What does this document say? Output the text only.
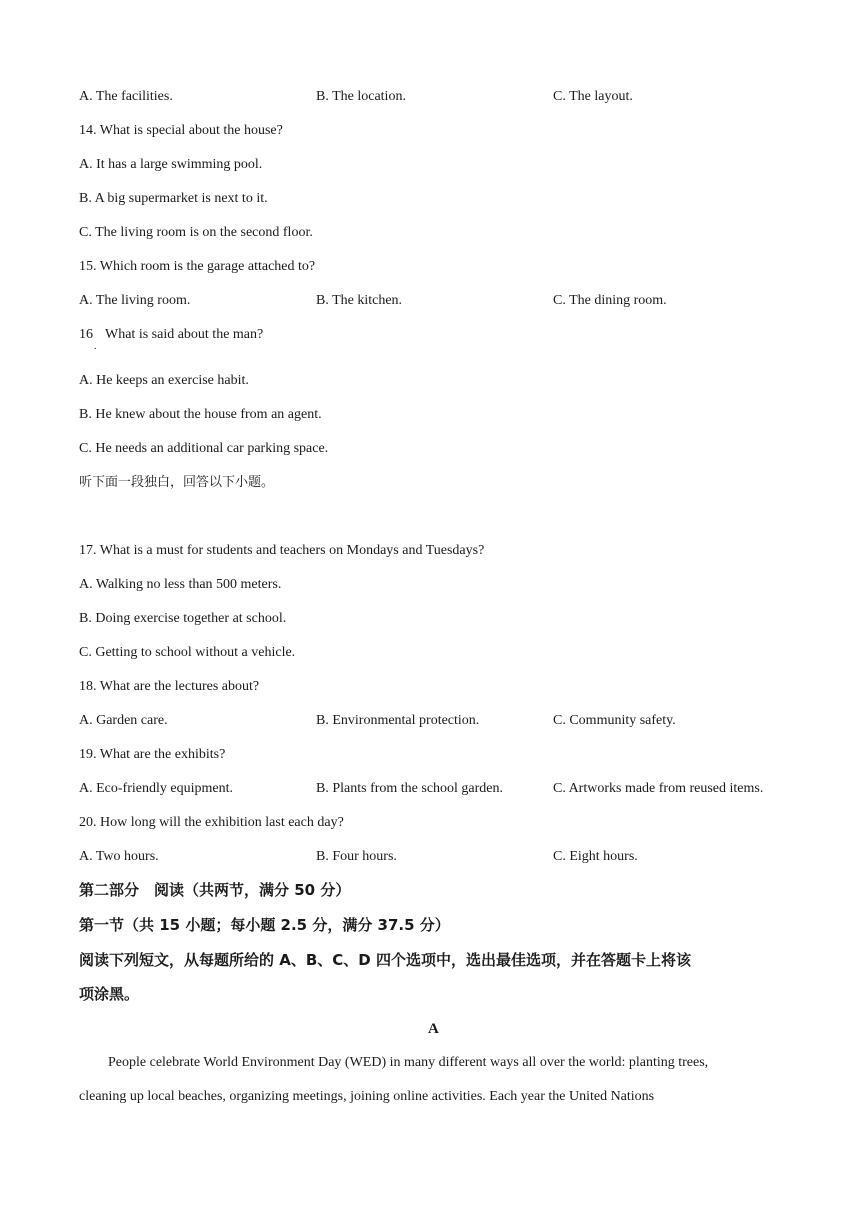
A. The facilities.	B. The location.	C. The layout.
14. What is special about the house?
A. It has a large swimming pool.
B. A big supermarket is next to it.
C. The living room is on the second floor.
15. Which room is the garage attached to?
A. The living room.	B. The kitchen.	C. The dining room.
16
.
What is said about the man?
A. He keeps an exercise habit.
B. He knew about the house from an agent.
C. He needs an additional car parking space.
听下面一段独白，回答以下小题。
17. What is a must for students and teachers on Mondays and Tuesdays?
A. Walking no less than 500 meters.
B. Doing exercise together at school.
C. Getting to school without a vehicle.
18. What are the lectures about?
A. Garden care.	B. Environmental protection.	C. Community safety.
19. What are the exhibits?
A. Eco-friendly equipment.	B. Plants from the school garden.	C. Artworks made from reused items.
20. How long will the exhibition last each day?
A. Two hours.	B. Four hours.	C. Eight hours.
第二部分　阅读（共两节，满分 50 分）
第一节（共 15 小题；每小题 2.5 分，满分 37.5 分）
阅读下列短文，从每题所给的 A、B、C、D 四个选项中，选出最佳选项，并在答题卡上将该
项涂黑。
A
People celebrate World Environment Day (WED) in many different ways all over the world: planting trees,
cleaning up local beaches, organizing meetings, joining online activities. Each year the United Nations
